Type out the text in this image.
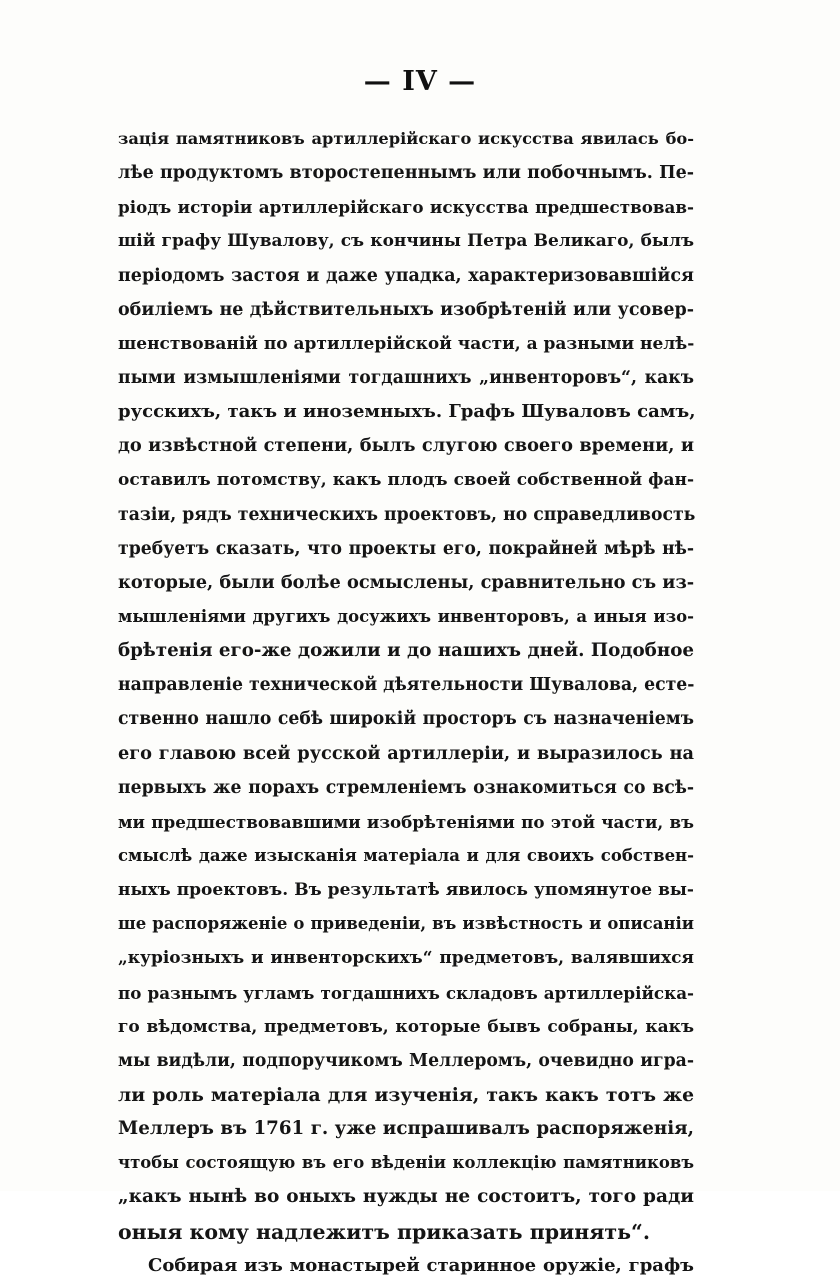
— IV —
зація памятниковъ артиллерійскаго искусства явилась бо-
лѣе продуктомъ второстепеннымъ или побочнымъ. Пе-
ріодъ исторіи артиллерійскаго искусства предшествовав-
шій графу Шувалову, съ кончины Петра Великаго, былъ
періодомъ застоя и даже упадка, характеризовавшійся
обиліемъ не дѣйствительныхъ изобрѣтеній или усовер-
шенствованій по артиллерійской части, а разными нелѣ-
пыми измышленіями тогдашнихъ „инвенторовъ“, какъ
русскихъ, такъ и иноземныхъ. Графъ Шуваловъ самъ,
до извѣстной степени, былъ слугою своего времени, и
оставилъ потомству, какъ плодъ своей собственной фан-
тазіи, рядъ техническихъ проектовъ, но справедливость
требуетъ сказать, что проекты его, покрайней мѣрѣ нѣ-
которые, были болѣе осмыслены, сравнительно съ из-
мышленіями другихъ досужихъ инвенторовъ, а иныя изо-
брѣтенія его-же дожили и до нашихъ дней. Подобное
направленіе технической дѣятельности Шувалова, есте-
ственно нашло себѣ широкій просторъ съ назначеніемъ
его главою всей русской артиллеріи, и выразилось на
первыхъ же порахъ стремленіемъ ознакомиться со всѣ-
ми предшествовавшими изобрѣтеніями по этой части, въ
смыслѣ даже изысканія матеріала и для своихъ собствен-
ныхъ проектовъ. Въ результатѣ явилось упомянутое вы-
ше распоряженіе о приведеніи, въ извѣстность и описаніи
„куріозныхъ и инвенторскихъ“ предметовъ, валявшихся
по разнымъ угламъ тогдашнихъ складовъ артиллерійска-
го вѣдомства, предметовъ, которые бывъ собраны, какъ
мы видѣли, подпоручикомъ Меллеромъ, очевидно игра-
ли роль матеріала для изученія, такъ какъ тотъ же
Меллеръ въ 1761 г. уже испрашивалъ распоряженія,
чтобы состоящую въ его вѣденіи коллекцію памятниковъ
„какъ нынѣ во оныхъ нужды не состоитъ, того ради
оныя кому надлежитъ приказать принять“.
Собирая изъ монастырей старинное оружіе, графъ
